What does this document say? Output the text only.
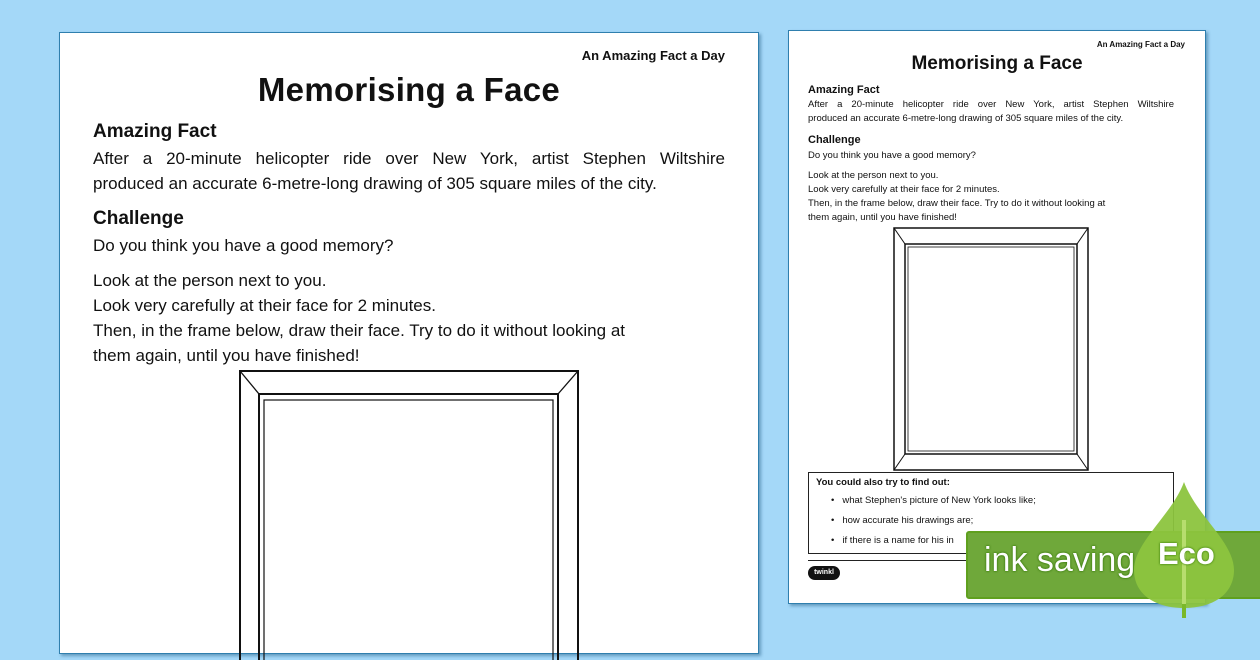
An Amazing Fact a Day
Memorising a Face
Amazing Fact
After a 20-minute helicopter ride over New York, artist Stephen Wiltshire
produced an accurate 6-metre-long drawing of 305 square miles of the city.
Challenge
Do you think you have a good memory?
Look at the person next to you.
Look very carefully at their face for 2 minutes.
Then, in the frame below, draw their face. Try to do it without looking at
them again, until you have finished!
An Amazing Fact a Day
Memorising a Face
Amazing Fact
After a 20-minute helicopter ride over New York, artist Stephen Wiltshire
produced an accurate 6-metre-long drawing of 305 square miles of the city.
Challenge
Do you think you have a good memory?
Look at the person next to you.
Look very carefully at their face for 2 minutes.
Then, in the frame below, draw their face. Try to do it without looking at
them again, until you have finished!
You could also try to find out:
• what Stephen's picture of New York looks like;
• how accurate his drawings are;
• if there is a name for his in
twinkl	ink saving Eco
